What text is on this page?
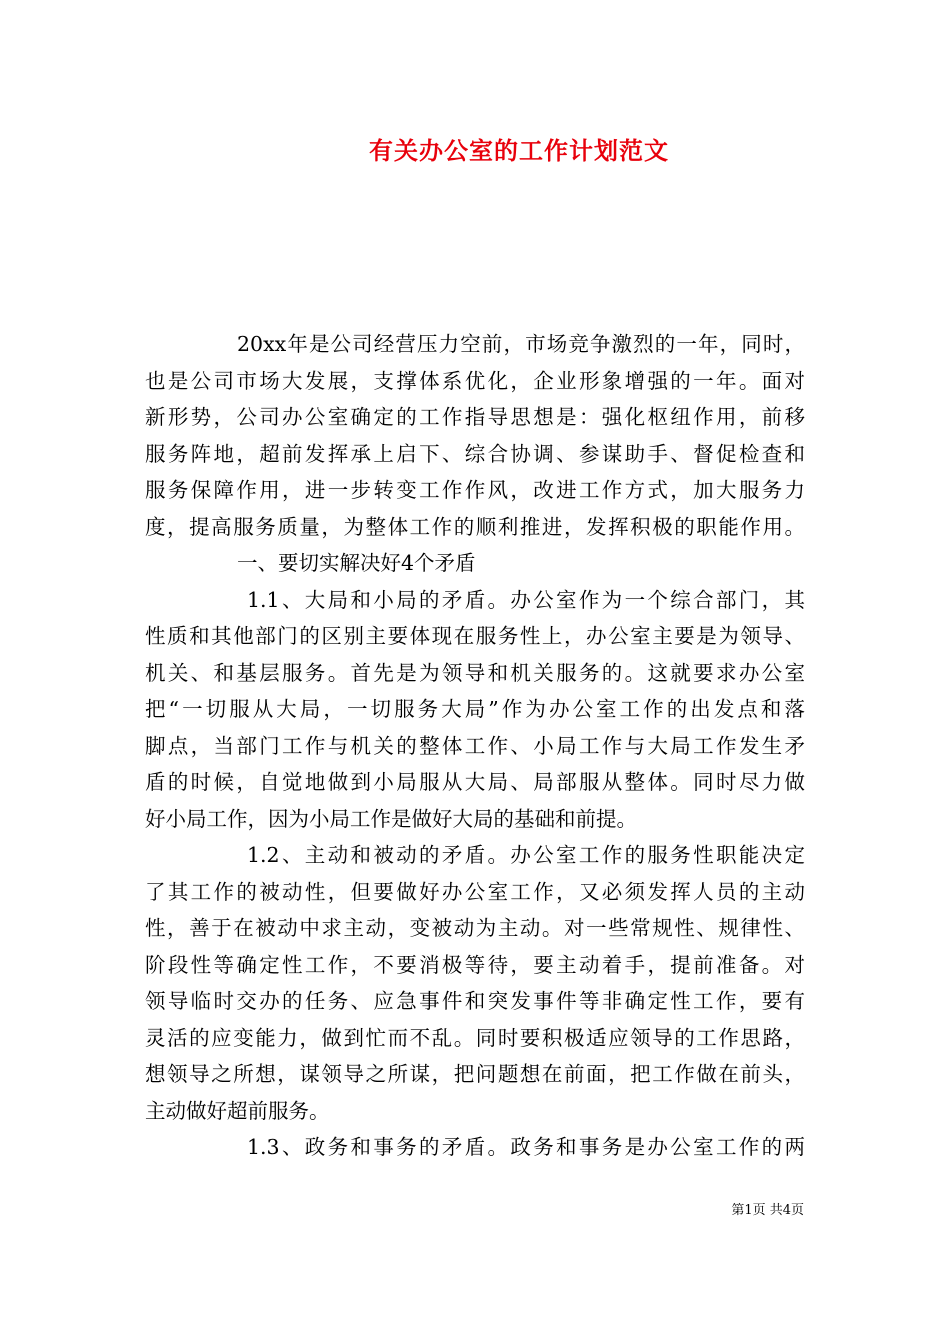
有关办公室的工作计划范文
20xx年是公司经营压力空前，市场竞争激烈的一年，同时，
也是公司市场大发展，支撑体系优化，企业形象增强的一年。面对
新形势，公司办公室确定的工作指导思想是：强化枢纽作用，前移
服务阵地，超前发挥承上启下、综合协调、参谋助手、督促检查和
服务保障作用，进一步转变工作作风，改进工作方式，加大服务力
度，提高服务质量，为整体工作的顺利推进，发挥积极的职能作用。
一、要切实解决好4个矛盾
1.1、大局和小局的矛盾。办公室作为一个综合部门，其
性质和其他部门的区别主要体现在服务性上，办公室主要是为领导、
机关、和基层服务。首先是为领导和机关服务的。这就要求办公室
把“一切服从大局，一切服务大局”作为办公室工作的出发点和落
脚点，当部门工作与机关的整体工作、小局工作与大局工作发生矛
盾的时候，自觉地做到小局服从大局、局部服从整体。同时尽力做
好小局工作，因为小局工作是做好大局的基础和前提。
1.2、主动和被动的矛盾。办公室工作的服务性职能决定
了其工作的被动性，但要做好办公室工作，又必须发挥人员的主动
性，善于在被动中求主动，变被动为主动。对一些常规性、规律性、
阶段性等确定性工作，不要消极等待，要主动着手，提前准备。对
领导临时交办的任务、应急事件和突发事件等非确定性工作，要有
灵活的应变能力，做到忙而不乱。同时要积极适应领导的工作思路，
想领导之所想，谋领导之所谋，把问题想在前面，把工作做在前头，
主动做好超前服务。
1.3、政务和事务的矛盾。政务和事务是办公室工作的两
第1页 共4页
